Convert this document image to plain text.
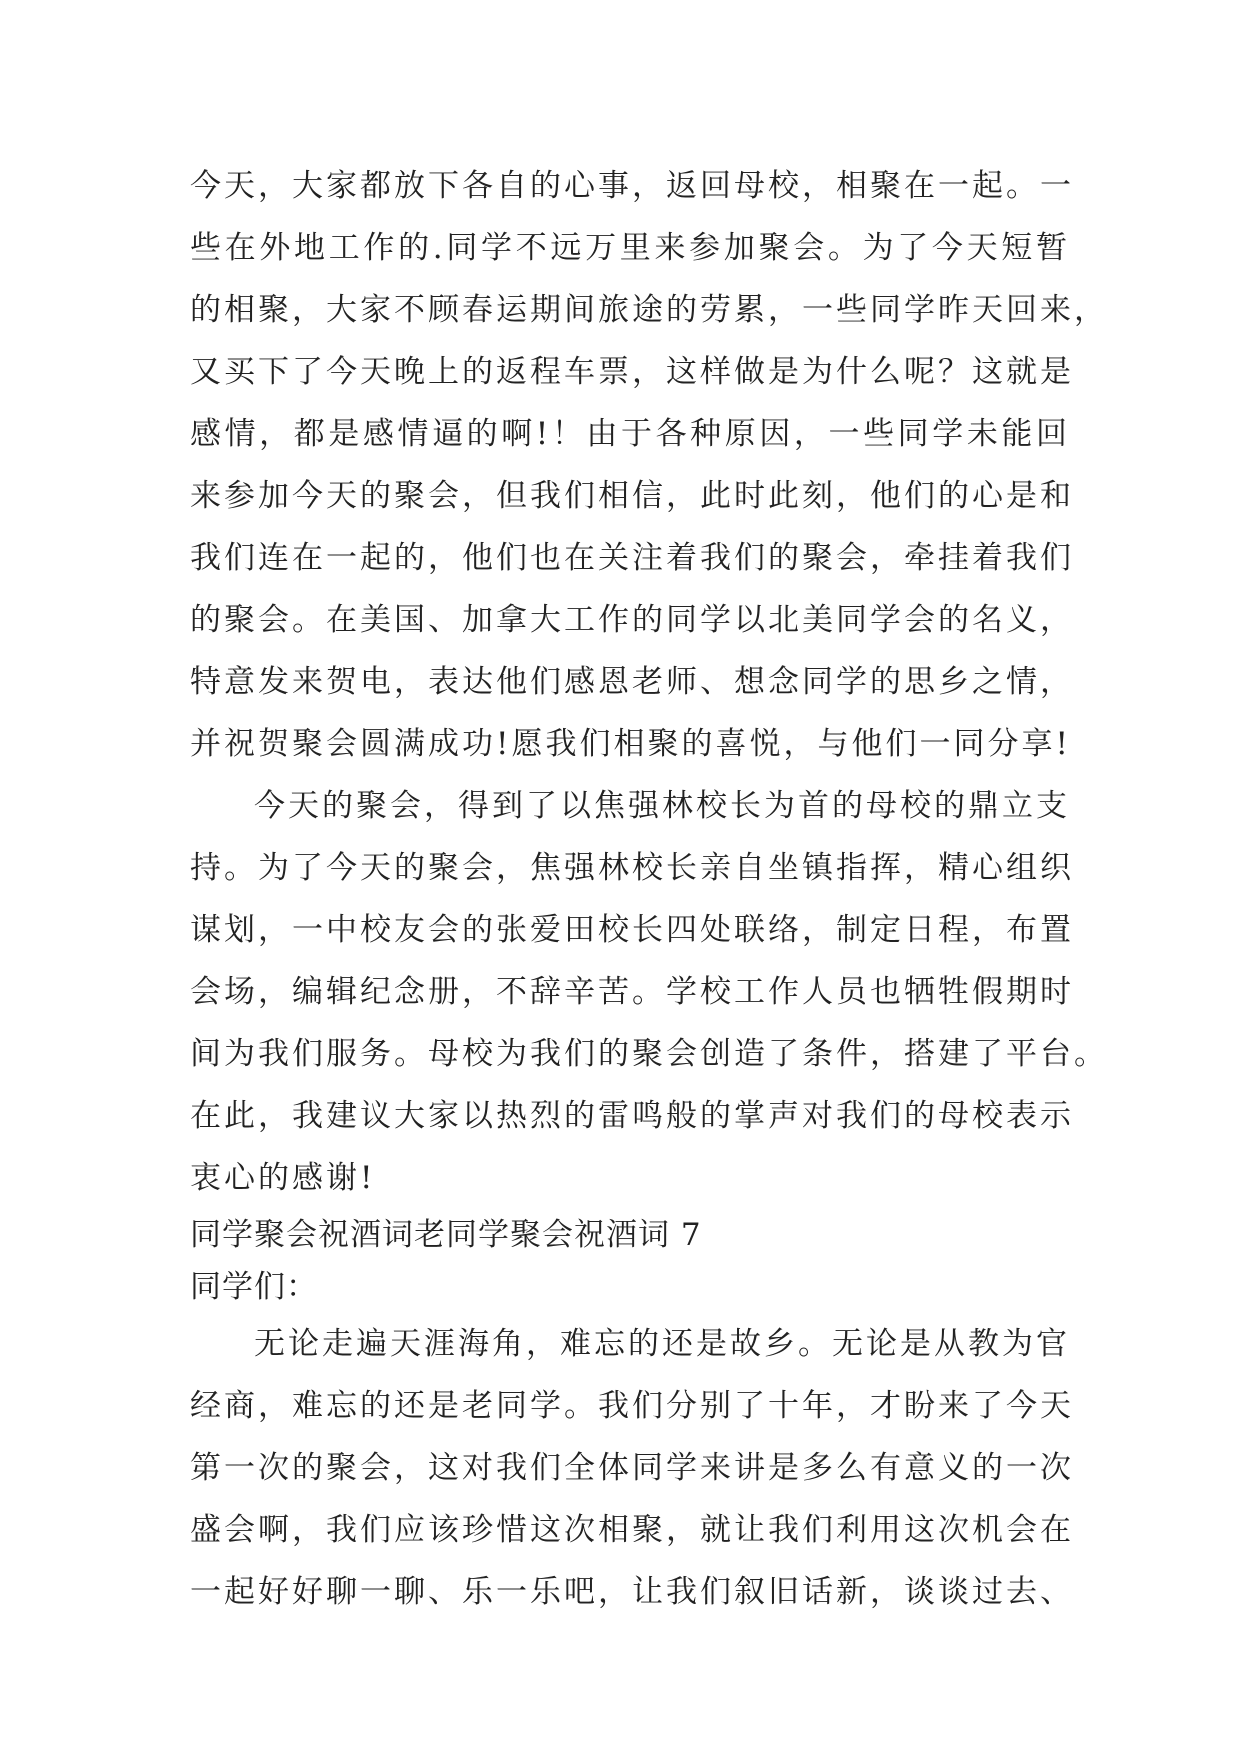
今天，大家都放下各自的心事，返回母校，相聚在一起。一
些在外地工作的.同学不远万里来参加聚会。为了今天短暂
的相聚，大家不顾春运期间旅途的劳累，一些同学昨天回来，
又买下了今天晚上的返程车票，这样做是为什么呢？这就是
感情，都是感情逼的啊!！由于各种原因，一些同学未能回
来参加今天的聚会，但我们相信，此时此刻，他们的心是和
我们连在一起的，他们也在关注着我们的聚会，牵挂着我们
的聚会。在美国、加拿大工作的同学以北美同学会的名义，
特意发来贺电，表达他们感恩老师、想念同学的思乡之情，
并祝贺聚会圆满成功!愿我们相聚的喜悦，与他们一同分享!
今天的聚会，得到了以焦强林校长为首的母校的鼎立支
持。为了今天的聚会，焦强林校长亲自坐镇指挥，精心组织
谋划，一中校友会的张爱田校长四处联络，制定日程，布置
会场，编辑纪念册，不辞辛苦。学校工作人员也牺牲假期时
间为我们服务。母校为我们的聚会创造了条件，搭建了平台。
在此，我建议大家以热烈的雷鸣般的掌声对我们的母校表示
衷心的感谢!
同学聚会祝酒词老同学聚会祝酒词 7
同学们：
无论走遍天涯海角，难忘的还是故乡。无论是从教为官
经商，难忘的还是老同学。我们分别了十年，才盼来了今天
第一次的聚会，这对我们全体同学来讲是多么有意义的一次
盛会啊，我们应该珍惜这次相聚，就让我们利用这次机会在
一起好好聊一聊、乐一乐吧，让我们叙旧话新，谈谈过去、
